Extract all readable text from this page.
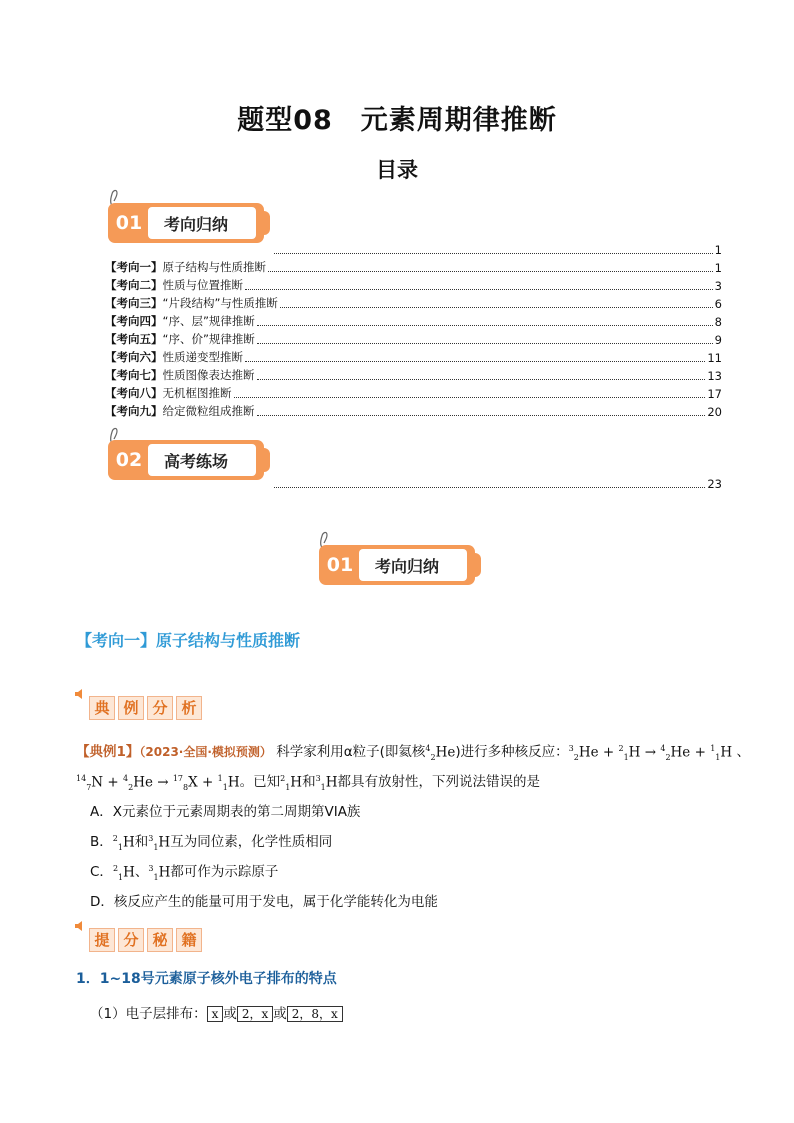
题型08　元素周期律推断
目录
01	考向归纳
1
【考向一】原子结构与性质推断	1
【考向二】性质与位置推断	3
【考向三】“片段结构”与性质推断	6
【考向四】“序、层”规律推断	8
【考向五】“序、价”规律推断	9
【考向六】性质递变型推断	11
【考向七】性质图像表达推断	13
【考向八】无机框图推断	17
【考向九】给定微粒组成推断	20
02	高考练场
23
01	考向归纳
【考向一】原子结构与性质推断
典 例 分 析
【典例1】（2023·全国·模拟预测） 科学家利用α粒子(即氦核$^4_2$He)进行多种核反应：$^3_2$He + $^2_1$H → $^4_2$He + $^1_1$H 、
$^{14}_7$N + $^4_2$He → $^{17}_8$X + $^1_1$H。已知$^2_1$H和$^3_1$H都具有放射性，下列说法错误的是
A．X元素位于元素周期表的第二周期第VIA族
B．$^2_1$H和$^3_1$H互为同位素，化学性质相同
C．$^2_1$H、$^3_1$H都可作为示踪原子
D．核反应产生的能量可用于发电，属于化学能转化为电能
提 分 秘 籍
1．1~18号元素原子核外电子排布的特点
（1）电子层排布： x 或 2，x 或 2，8，x
